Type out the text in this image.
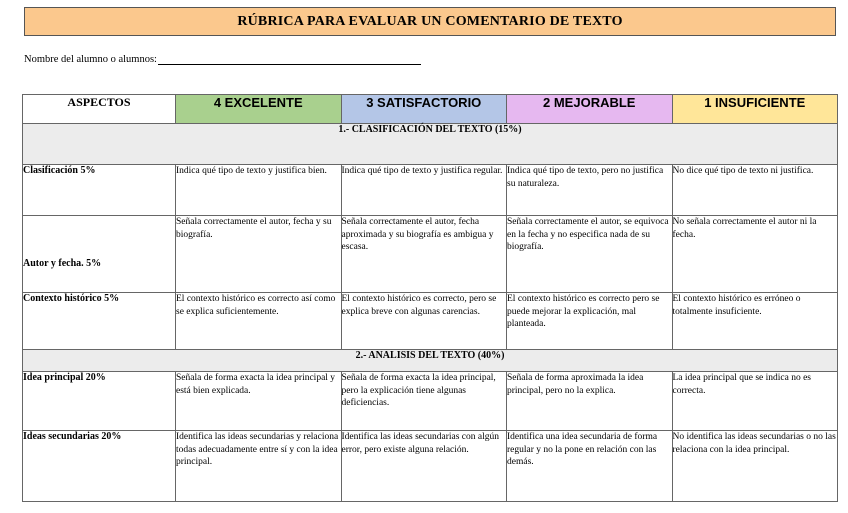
RÚBRICA PARA EVALUAR UN COMENTARIO DE TEXTO
Nombre del alumno o alumnos:
ASPECTOS	4 EXCELENTE	3 SATISFACTORIO	2 MEJORABLE	1 INSUFICIENTE
1.- CLASIFICACIÓN DEL TEXTO (15%)				
Clasificación 5%	Indica qué tipo de texto y justifica bien.	Indica qué tipo de texto y justifica regular.	Indica qué tipo de texto, pero no justifica su naturaleza.	No dice qué tipo de texto ni justifica.
Autor y fecha. 5%	Señala correctamente el autor, fecha y su biografía.	Señala correctamente el autor, fecha aproximada y su biografía es ambigua y escasa.	Señala correctamente el autor, se equivoca en la fecha y no especifica nada de su biografía.	No señala correctamente el autor ni la fecha.
Contexto histórico 5%	El contexto histórico es correcto así como se explica suficientemente.	El contexto histórico es correcto, pero se explica breve con algunas carencias.	El contexto histórico es correcto pero se puede mejorar la explicación, mal planteada.	El contexto histórico es erróneo o totalmente insuficiente.
2.- ANALISIS DEL TEXTO (40%)				
Idea principal 20%	Señala de forma exacta la idea principal y está bien explicada.	Señala de forma exacta la idea principal, pero la explicación tiene algunas deficiencias.	Señala de forma aproximada la idea principal, pero no la explica.	La idea principal que se indica no es correcta.
Ideas secundarias 20%	Identifica las ideas secundarias y relaciona todas adecuadamente entre sí y con la idea principal.	Identifica las ideas secundarias con algún error, pero existe alguna relación.	Identifica una idea secundaria de forma regular y no la pone en relación con las demás.	No identifica las ideas secundarias o no las relaciona con la idea principal.
